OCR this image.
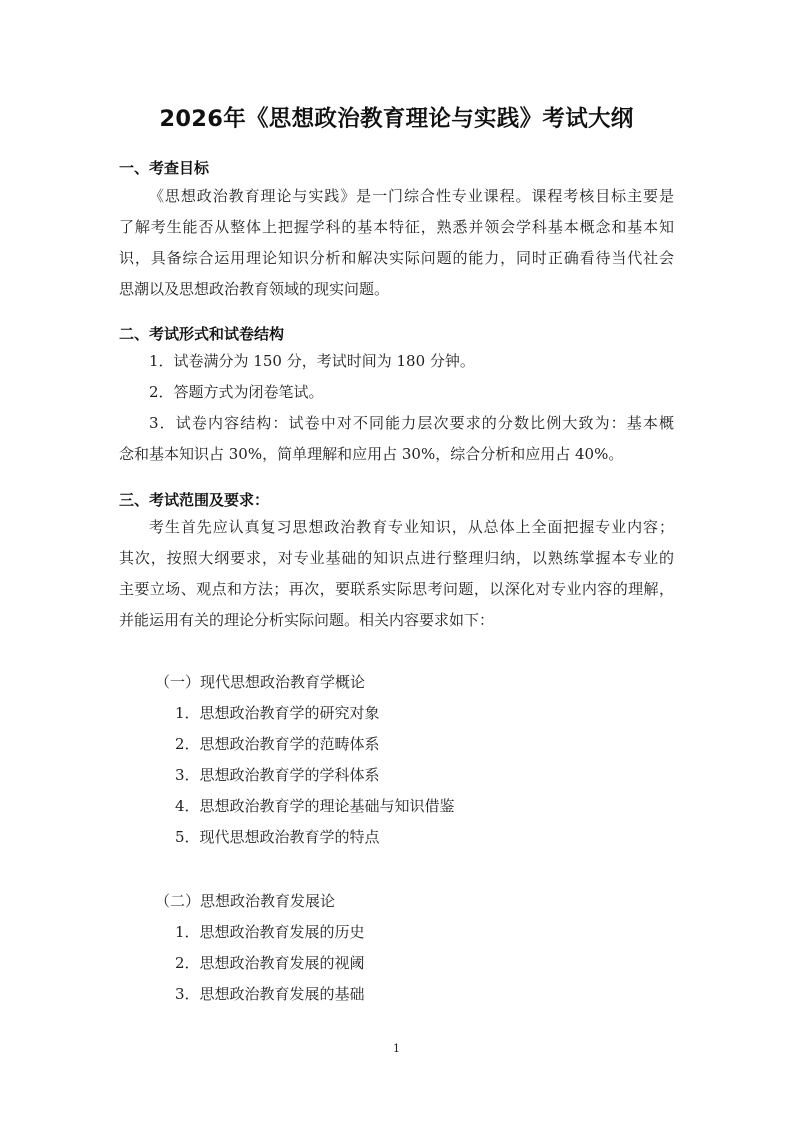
2026年《思想政治教育理论与实践》考试大纲
一、考查目标
《思想政治教育理论与实践》是一门综合性专业课程。课程考核目标主要是
了解考生能否从整体上把握学科的基本特征，熟悉并领会学科基本概念和基本知
识，具备综合运用理论知识分析和解决实际问题的能力，同时正确看待当代社会
思潮以及思想政治教育领域的现实问题。
二、考试形式和试卷结构
1．试卷满分为 150 分，考试时间为 180 分钟。
2．答题方式为闭卷笔试。
3．试卷内容结构：试卷中对不同能力层次要求的分数比例大致为：基本概
念和基本知识占 30%，简单理解和应用占 30%，综合分析和应用占 40%。
三、考试范围及要求：
考生首先应认真复习思想政治教育专业知识，从总体上全面把握专业内容；
其次，按照大纲要求，对专业基础的知识点进行整理归纳，以熟练掌握本专业的
主要立场、观点和方法；再次，要联系实际思考问题，以深化对专业内容的理解，
并能运用有关的理论分析实际问题。相关内容要求如下：
（一）现代思想政治教育学概论
1．思想政治教育学的研究对象
2．思想政治教育学的范畴体系
3．思想政治教育学的学科体系
4．思想政治教育学的理论基础与知识借鉴
5．现代思想政治教育学的特点
（二）思想政治教育发展论
1．思想政治教育发展的历史
2．思想政治教育发展的视阈
3．思想政治教育发展的基础
1
